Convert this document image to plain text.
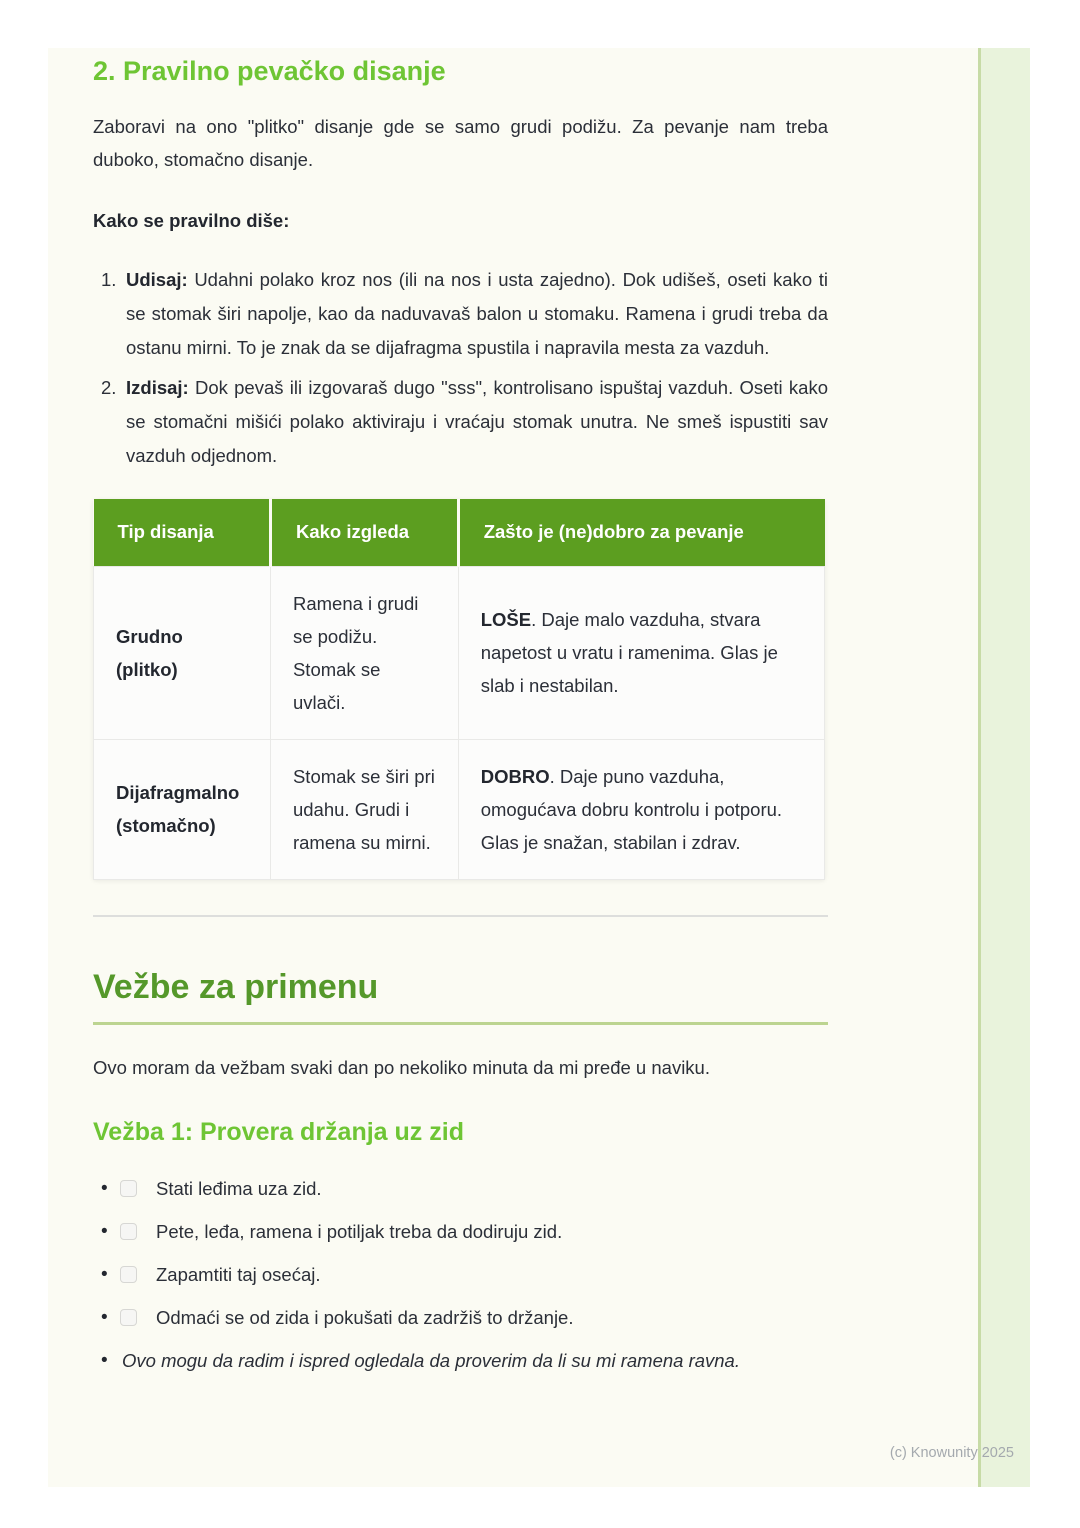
2. Pravilno pevačko disanje

Zaboravi na ono "plitko" disanje gde se samo grudi podižu. Za pevanje nam treba duboko, stomačno disanje.

Kako se pravilno diše:

1. Udisaj: Udahni polako kroz nos (ili na nos i usta zajedno). Dok udišeš, oseti kako ti se stomak širi napolje, kao da naduvavaš balon u stomaku. Ramena i grudi treba da ostanu mirni. To je znak da se dijafragma spustila i napravila mesta za vazduh.
2. Izdisaj: Dok pevaš ili izgovaraš dugo "sss", kontrolisano ispuštaj vazduh. Oseti kako se stomačni mišići polako aktiviraju i vraćaju stomak unutra. Ne smeš ispustiti sav vazduh odjednom.
Tip disanja	Kako izgleda	Zašto je (ne)dobro za pevanje
Grudno
(plitko)	Ramena i grudi se podižu. Stomak se uvlači.	LOŠE. Daje malo vazduha, stvara napetost u vratu i ramenima. Glas je slab i nestabilan.
Dijafragmalno
(stomačno)	Stomak se širi pri udahu. Grudi i ramena su mirni.	DOBRO. Daje puno vazduha, omogućava dobru kontrolu i potporu. Glas je snažan, stabilan i zdrav.
Vežbe za primenu

Ovo moram da vežbam svaki dan po nekoliko minuta da mi pređe u naviku.

Vežba 1: Provera držanja uz zid
•	Stati leđima uza zid.
•	Pete, leđa, ramena i potiljak treba da dodiruju zid.
•	Zapamtiti taj osećaj.
•	Odmaći se od zida i pokušati da zadržiš to držanje.
• Ovo mogu da radim i ispred ogledala da proverim da li su mi ramena ravna.
(c) Knowunity 2025
